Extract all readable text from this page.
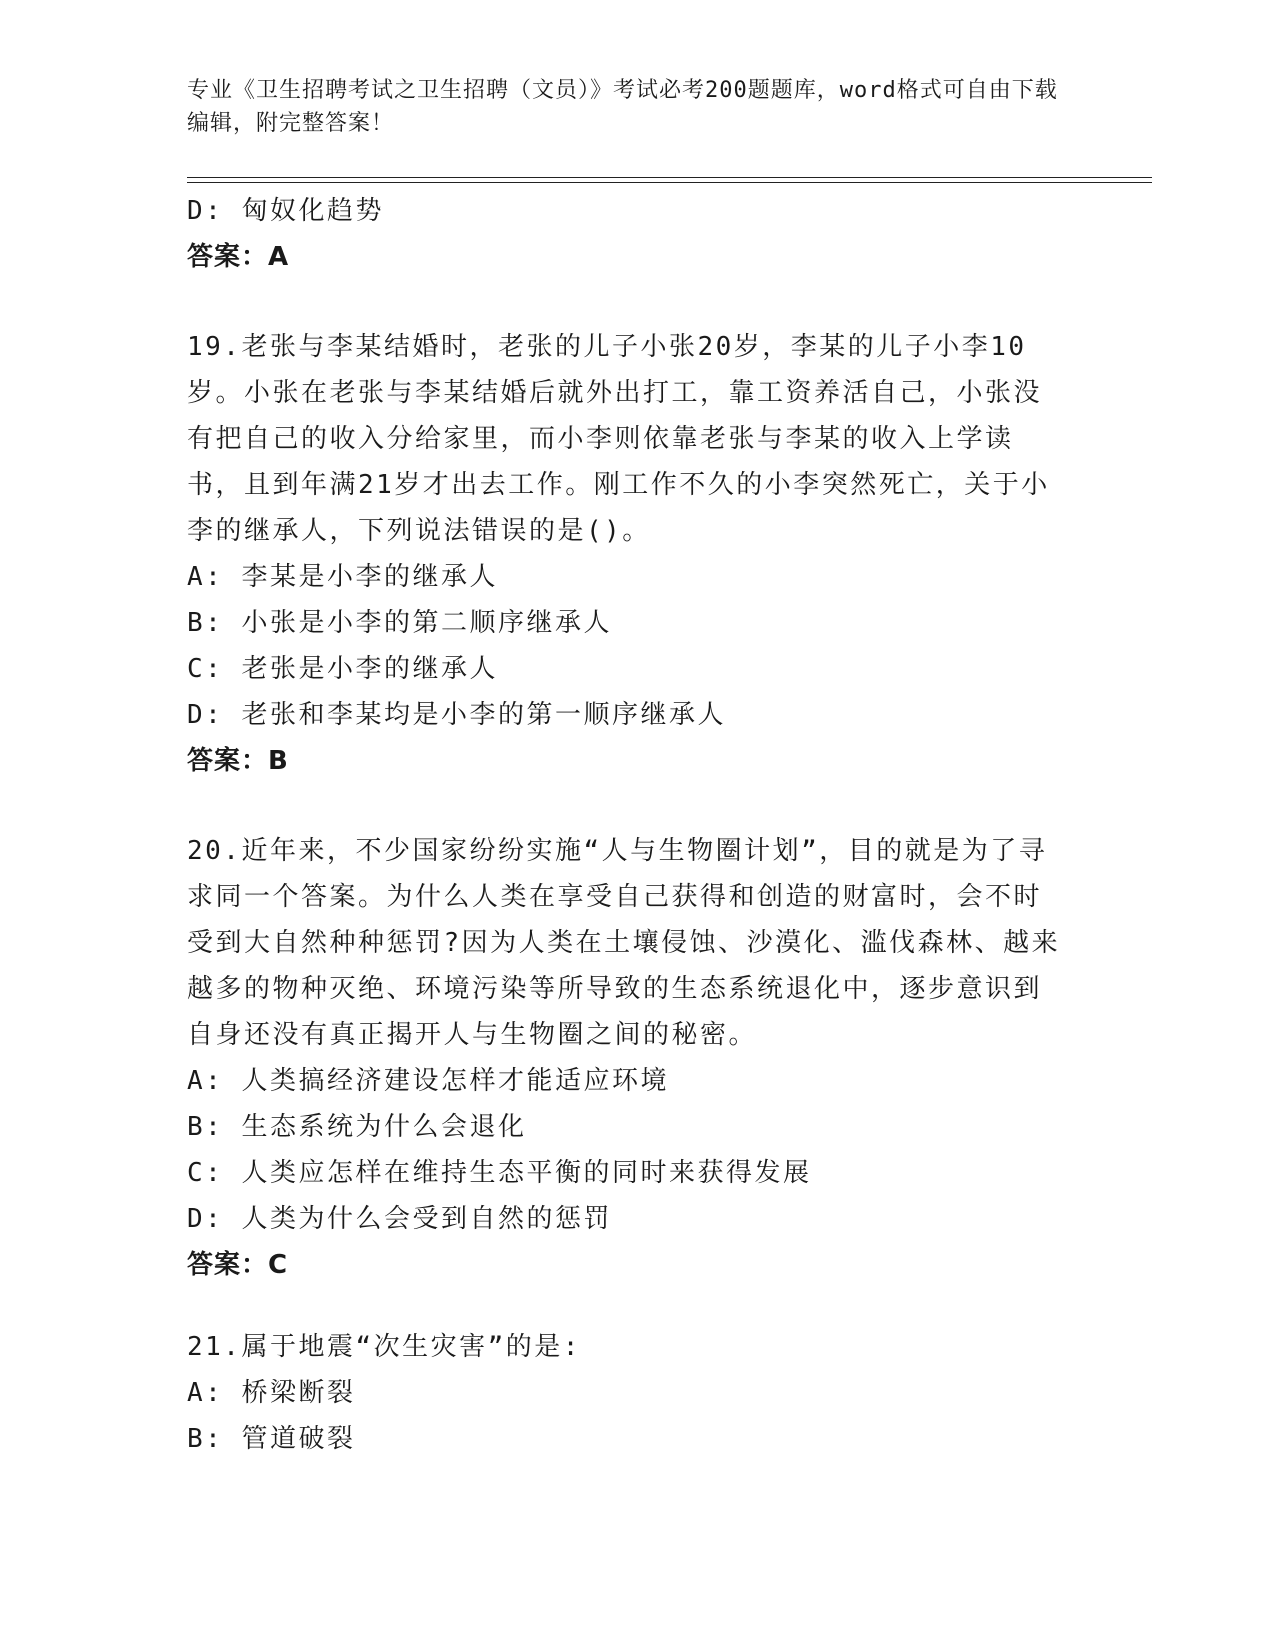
专业《卫生招聘考试之卫生招聘（文员）》考试必考200题题库，word格式可自由下载编辑，附完整答案！
D: 匈奴化趋势
答案：A
19.老张与李某结婚时，老张的儿子小张20岁，李某的儿子小李10岁。小张在老张与李某结婚后就外出打工，靠工资养活自己，小张没有把自己的收入分给家里，而小李则依靠老张与李某的收入上学读书，且到年满21岁才出去工作。刚工作不久的小李突然死亡，关于小李的继承人，下列说法错误的是()。
A: 李某是小李的继承人
B: 小张是小李的第二顺序继承人
C: 老张是小李的继承人
D: 老张和李某均是小李的第一顺序继承人
答案：B
20.近年来，不少国家纷纷实施“人与生物圈计划”，目的就是为了寻求同一个答案。为什么人类在享受自己获得和创造的财富时，会不时受到大自然种种惩罚?因为人类在土壤侵蚀、沙漠化、滥伐森林、越来越多的物种灭绝、环境污染等所导致的生态系统退化中，逐步意识到自身还没有真正揭开人与生物圈之间的秘密。
A: 人类搞经济建设怎样才能适应环境
B: 生态系统为什么会退化
C: 人类应怎样在维持生态平衡的同时来获得发展
D: 人类为什么会受到自然的惩罚
答案：C
21.属于地震“次生灾害”的是:
A: 桥梁断裂
B: 管道破裂
